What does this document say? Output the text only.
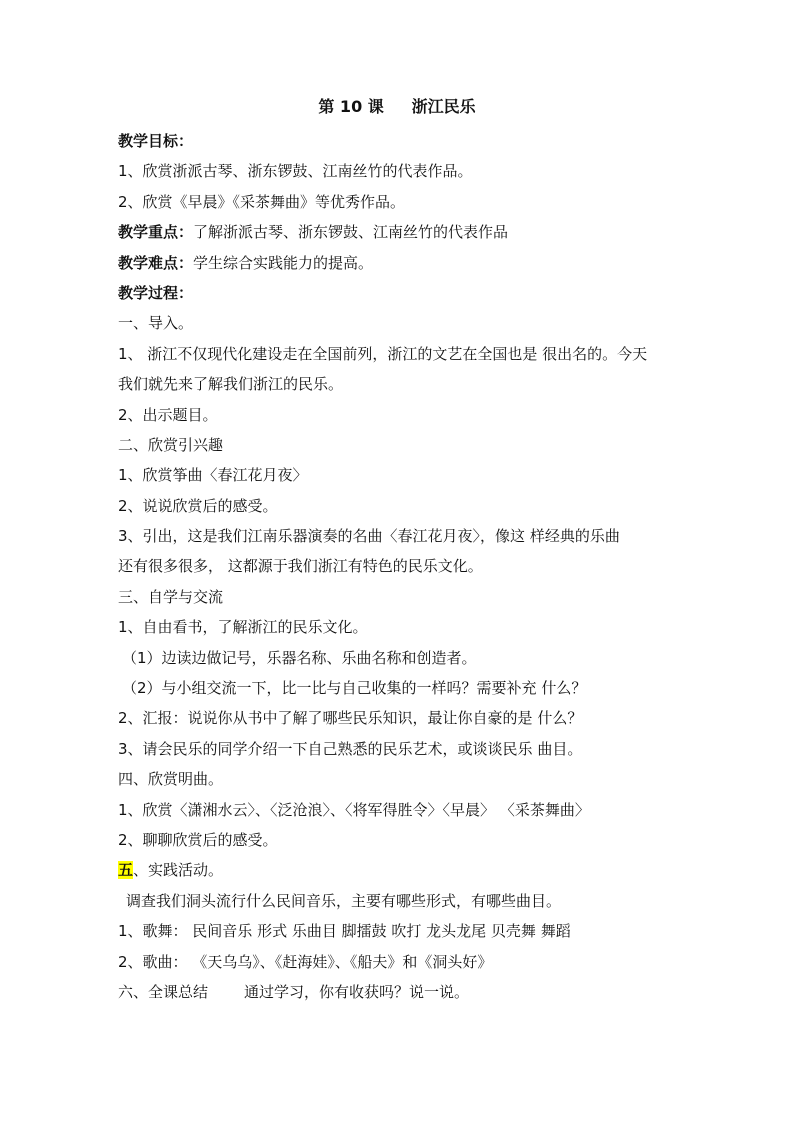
第 10 课     浙江民乐
教学目标：
1、欣赏浙派古琴、浙东锣鼓、江南丝竹的代表作品。
2、欣赏《早晨》《采茶舞曲》等优秀作品。
教学重点：了解浙派古琴、浙东锣鼓、江南丝竹的代表作品
教学难点：学生综合实践能力的提高。
教学过程：
一、导入。
1、 浙江不仅现代化建设走在全国前列，浙江的文艺在全国也是 很出名的。今天
我们就先来了解我们浙江的民乐。
2、出示题目。
二、欣赏引兴趣
1、欣赏筝曲〈春江花月夜〉
2、说说欣赏后的感受。
3、引出，这是我们江南乐器演奏的名曲〈春江花月夜〉，像这 样经典的乐曲
还有很多很多， 这都源于我们浙江有特色的民乐文化。
三、自学与交流
1、自由看书，了解浙江的民乐文化。
（1）边读边做记号，乐器名称、乐曲名称和创造者。
（2）与小组交流一下，比一比与自己收集的一样吗？需要补充 什么？
2、汇报：说说你从书中了解了哪些民乐知识，最让你自豪的是 什么？
3、请会民乐的同学介绍一下自己熟悉的民乐艺术，或谈谈民乐 曲目。
四、欣赏明曲。
1、欣赏〈潇湘水云〉、〈泛沧浪〉、〈将军得胜令〉〈早晨〉 〈采茶舞曲〉
2、聊聊欣赏后的感受。
五、实践活动。
调查我们洞头流行什么民间音乐，主要有哪些形式，有哪些曲目。
1、歌舞： 民间音乐 形式 乐曲目 脚擂鼓 吹打 龙头龙尾 贝壳舞 舞蹈
2、歌曲： 《天乌乌》、《赶海娃》、《船夫》和《洞头好》
六、全课总结 通过学习，你有收获吗？说一说。
